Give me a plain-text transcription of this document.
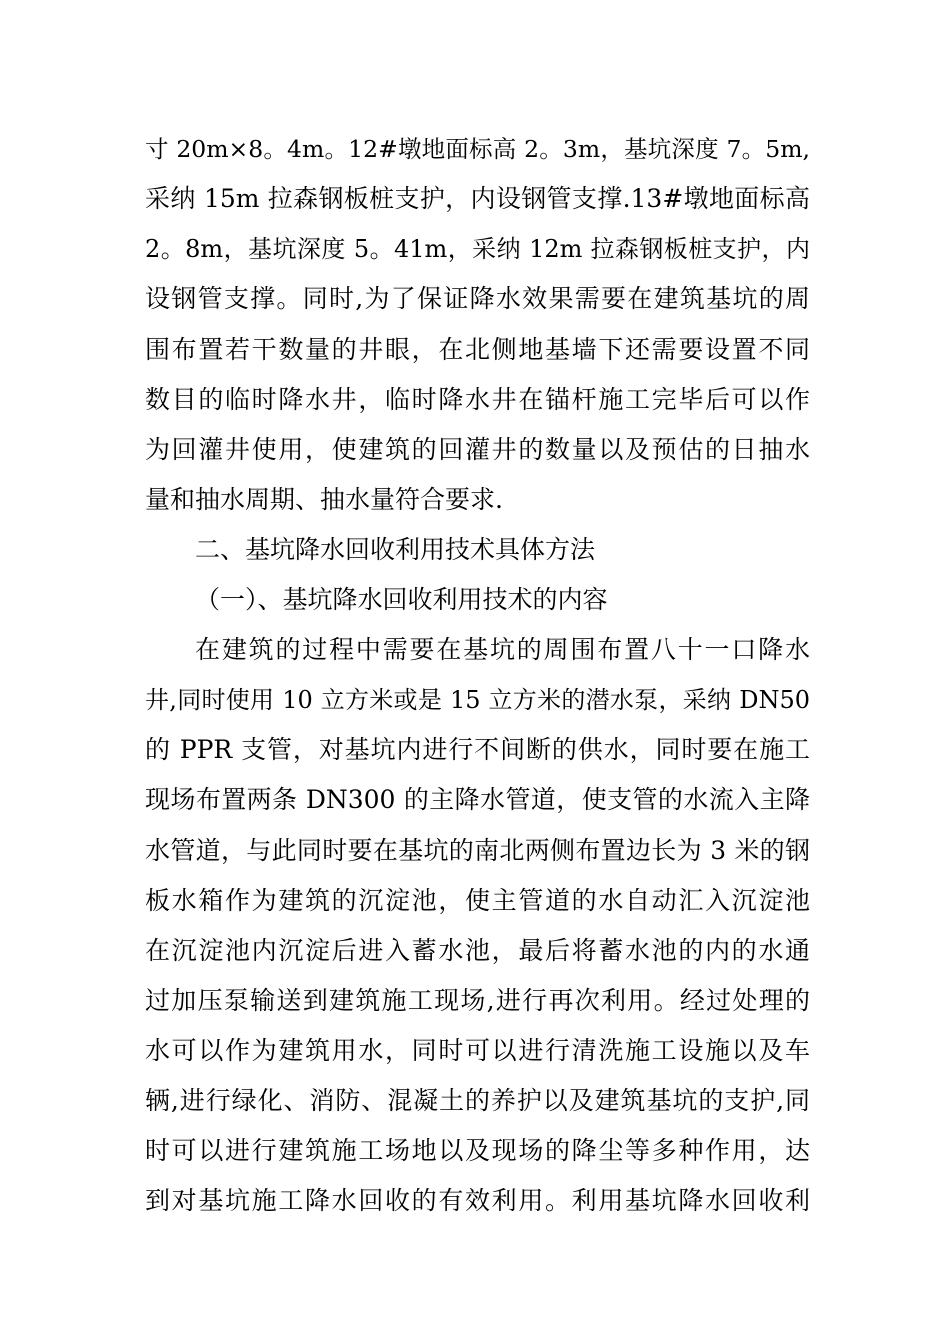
寸 20m×8。4m。12#墩地面标高 2。3m，基坑深度 7。5m,
采纳 15m 拉森钢板桩支护，内设钢管支撑.13#墩地面标高
2。8m，基坑深度 5。41m，采纳 12m 拉森钢板桩支护，内
设钢管支撑。同时,为了保证降水效果需要在建筑基坑的周
围布置若干数量的井眼，在北侧地基墙下还需要设置不同
数目的临时降水井，临时降水井在锚杆施工完毕后可以作
为回灌井使用，使建筑的回灌井的数量以及预估的日抽水
量和抽水周期、抽水量符合要求.
二、基坑降水回收利用技术具体方法
（一）、基坑降水回收利用技术的内容
在建筑的过程中需要在基坑的周围布置八十一口降水
井,同时使用 10 立方米或是 15 立方米的潜水泵，采纳 DN50
的 PPR 支管，对基坑内进行不间断的供水，同时要在施工
现场布置两条 DN300 的主降水管道，使支管的水流入主降
水管道，与此同时要在基坑的南北两侧布置边长为 3 米的钢
板水箱作为建筑的沉淀池，使主管道的水自动汇入沉淀池
在沉淀池内沉淀后进入蓄水池，最后将蓄水池的内的水通
过加压泵输送到建筑施工现场,进行再次利用。经过处理的
水可以作为建筑用水，同时可以进行清洗施工设施以及车
辆,进行绿化、消防、混凝土的养护以及建筑基坑的支护,同
时可以进行建筑施工场地以及现场的降尘等多种作用，达
到对基坑施工降水回收的有效利用。利用基坑降水回收利
